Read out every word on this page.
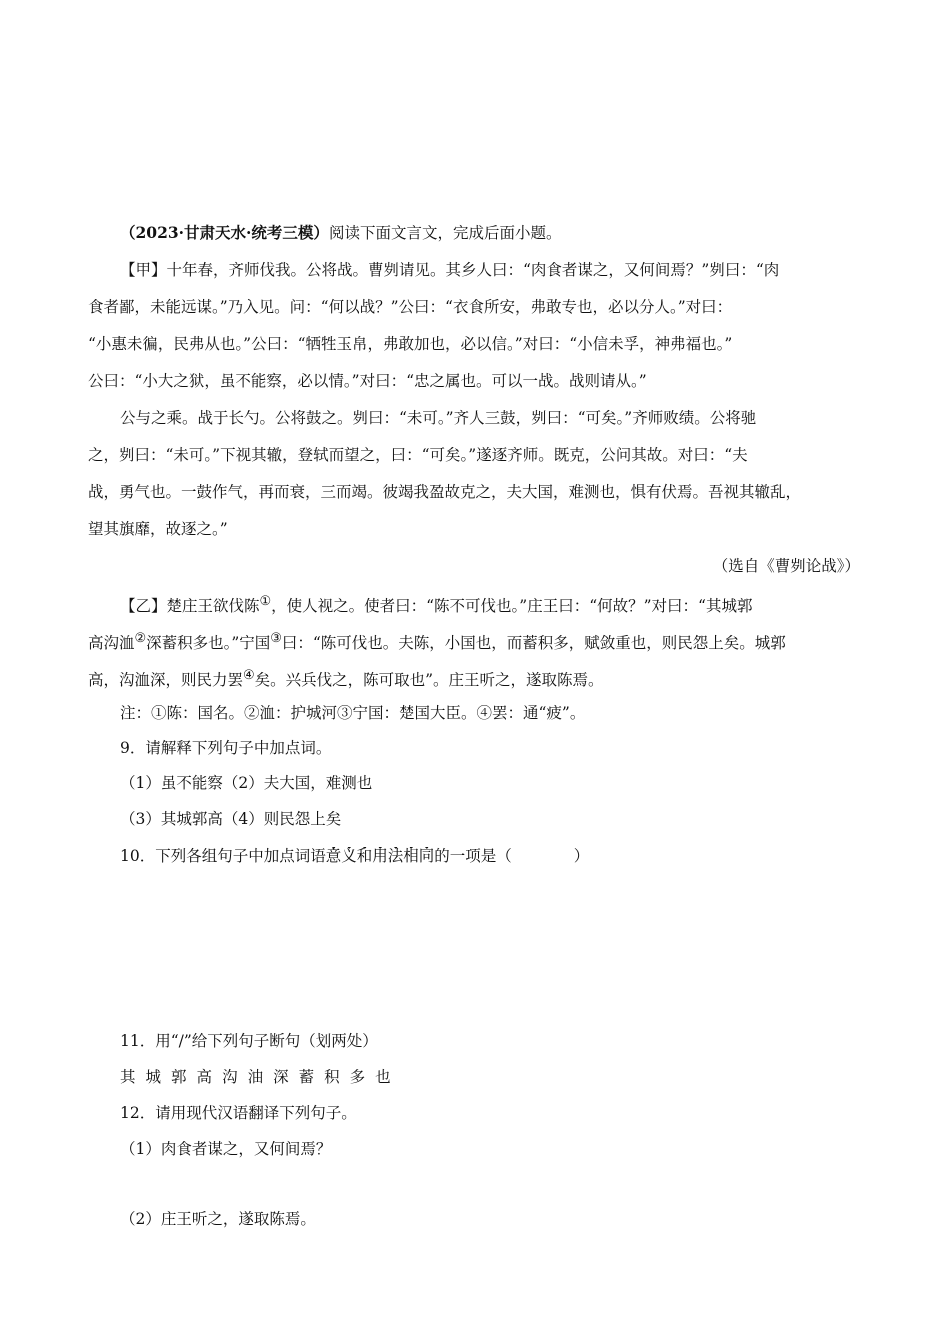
（2023·甘肃天水·统考三模）阅读下面文言文，完成后面小题。
【甲】十年春，齐师伐我。公将战。曹刿请见。其乡人曰：“肉食者谋之，又何间焉？”刿曰：“肉
食者鄙，未能远谋。”乃入见。问：“何以战？”公曰：“衣食所安，弗敢专也，必以分人。”对曰：
“小惠未徧，民弗从也。”公曰：“牺牲玉帛，弗敢加也，必以信。”对曰：“小信未孚，神弗福也。”
公曰：“小大之狱，虽不能察，必以情。”对曰：“忠之属也。可以一战。战则请从。”
公与之乘。战于长勺。公将鼓之。刿曰：“未可。”齐人三鼓，刿曰：“可矣。”齐师败绩。公将驰
之，刿曰：“未可。”下视其辙，登轼而望之，曰：“可矣。”遂逐齐师。既克，公问其故。对曰：“夫
战，勇气也。一鼓作气，再而衰，三而竭。彼竭我盈故克之，夫大国，难测也，惧有伏焉。吾视其辙乱，
望其旗靡，故逐之。”
（选自《曹刿论战》）
【乙】楚庄王欲伐陈①，使人视之。使者曰：“陈不可伐也。”庄王曰：“何故？”对曰：“其城郭
高沟洫②深蓄积多也。”宁国③曰：“陈可伐也。夫陈，小国也，而蓄积多，赋敛重也，则民怨上矣。城郭
高，沟洫深，则民力罢④矣。兴兵伐之，陈可取也”。庄王听之，遂取陈焉。
注：①陈：国名。②洫：护城河③宁国：楚国大臣。④罢：通“疲”。
9．请解释下列句子中加点词。
（1）虽不能察（2）夫大国，难测也
（3）其城郭高（4）则民怨上矣
10．下列各组句子中加点词语意义和用法相同的一项是（　　　　）
11．用“/”给下列句子断句（划两处）
其 城 郭 高 沟 油 深 蓄 积 多 也
12．请用现代汉语翻译下列句子。
（1）肉食者谋之，又何间焉？
（2）庄王听之，遂取陈焉。
